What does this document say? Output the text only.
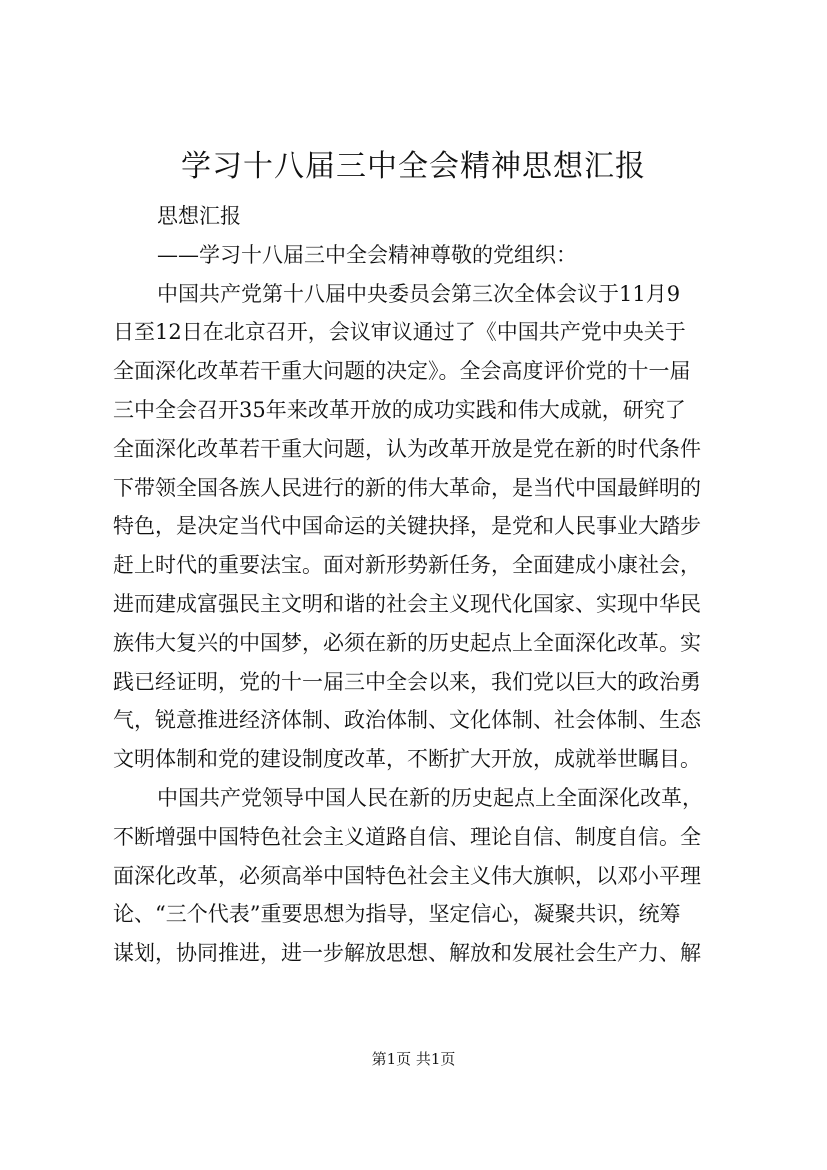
学习十八届三中全会精神思想汇报
思想汇报
——学习十八届三中全会精神尊敬的党组织：
中国共产党第十八届中央委员会第三次全体会议于11月9
日至12日在北京召开，会议审议通过了《中国共产党中央关于
全面深化改革若干重大问题的决定》。全会高度评价党的十一届
三中全会召开35年来改革开放的成功实践和伟大成就，研究了
全面深化改革若干重大问题，认为改革开放是党在新的时代条件
下带领全国各族人民进行的新的伟大革命，是当代中国最鲜明的
特色，是决定当代中国命运的关键抉择，是党和人民事业大踏步
赶上时代的重要法宝。面对新形势新任务，全面建成小康社会，
进而建成富强民主文明和谐的社会主义现代化国家、实现中华民
族伟大复兴的中国梦，必须在新的历史起点上全面深化改革。实
践已经证明，党的十一届三中全会以来，我们党以巨大的政治勇
气，锐意推进经济体制、政治体制、文化体制、社会体制、生态
文明体制和党的建设制度改革，不断扩大开放，成就举世瞩目。
中国共产党领导中国人民在新的历史起点上全面深化改革，
不断增强中国特色社会主义道路自信、理论自信、制度自信。全
面深化改革，必须高举中国特色社会主义伟大旗帜，以邓小平理
论、“三个代表”重要思想为指导，坚定信心，凝聚共识，统筹
谋划，协同推进，进一步解放思想、解放和发展社会生产力、解
第1页 共1页
